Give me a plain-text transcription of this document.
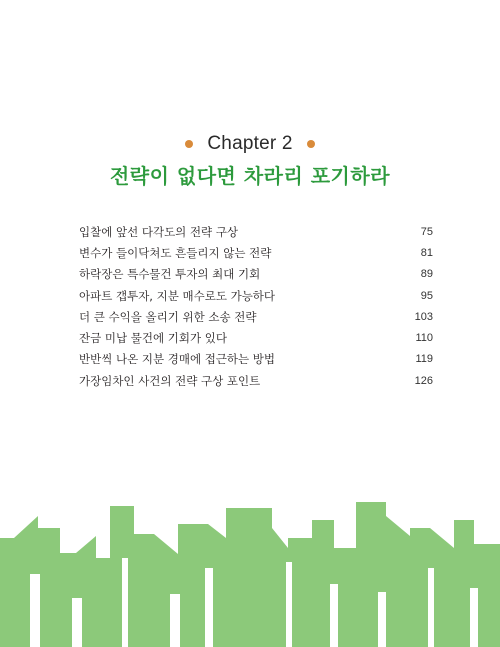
Chapter 2
전략이 없다면 차라리 포기하라
입찰에 앞선 다각도의 전략 구상	75
변수가 들이닥쳐도 흔들리지 않는 전략	81
하락장은 특수물건 투자의 최대 기회	89
아파트 갭투자, 지분 매수로도 가능하다	95
더 큰 수익을 올리기 위한 소송 전략	103
잔금 미납 물건에 기회가 있다	110
반반씩 나온 지분 경매에 접근하는 방법	119
가장임차인 사건의 전략 구상 포인트	126
